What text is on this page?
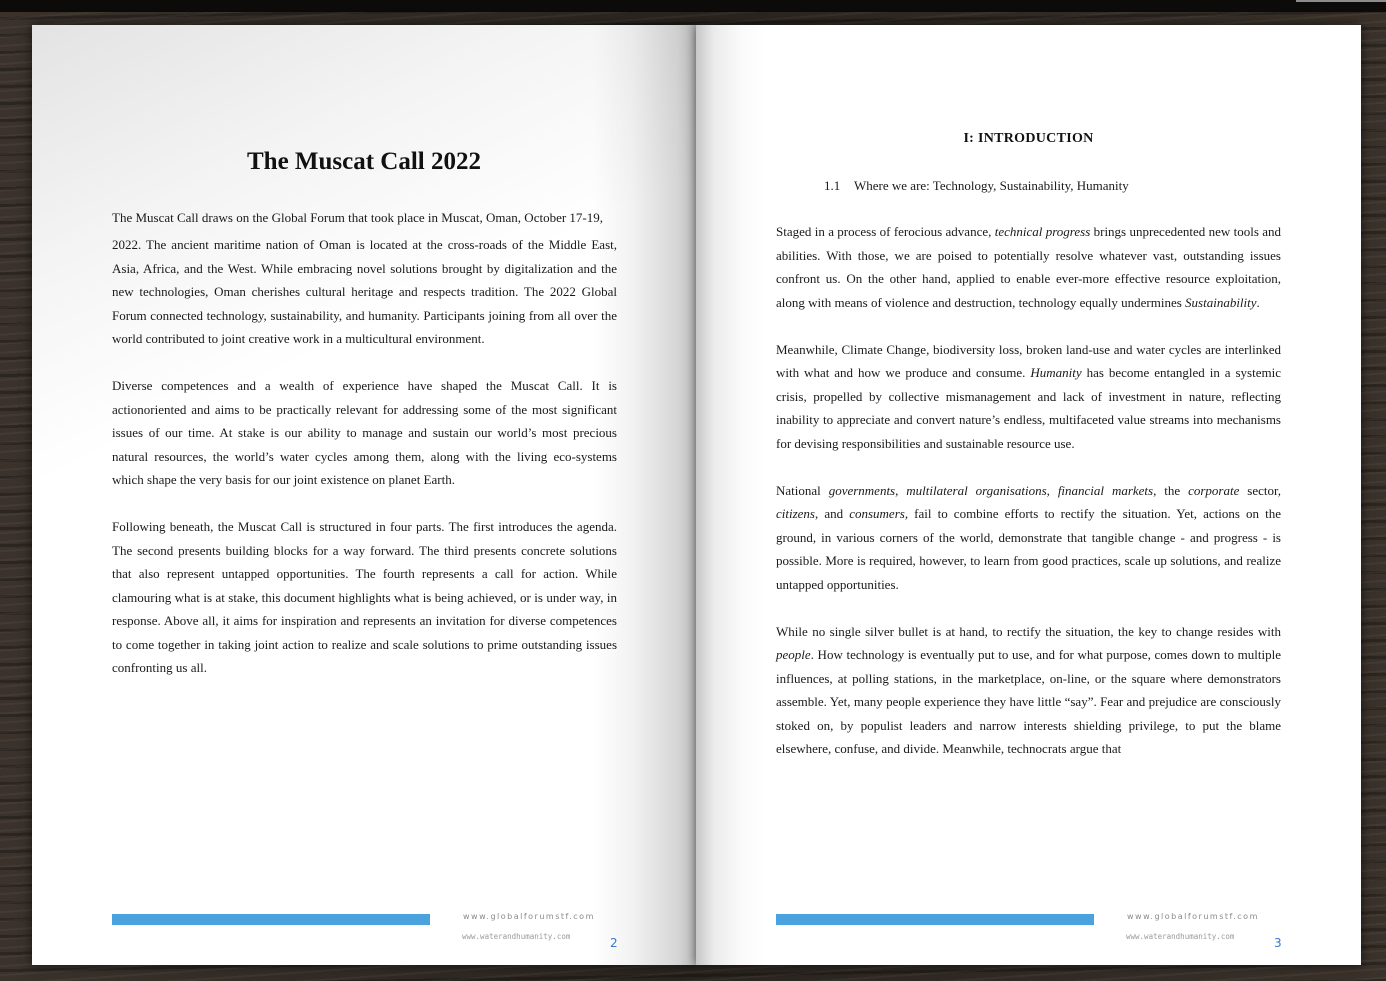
The Muscat Call 2022

The Muscat Call draws on the Global Forum that took place in Muscat, Oman, October 17-19,

2022. The ancient maritime nation of Oman is located at the cross-roads of the Middle East, Asia, Africa, and the West. While embracing novel solutions brought by digitalization and the new technologies, Oman cherishes cultural heritage and respects tradition. The 2022 Global Forum connected technology, sustainability, and humanity. Participants joining from all over the world contributed to joint creative work in a multicultural environment.

Diverse competences and a wealth of experience have shaped the Muscat Call. It is actionoriented and aims to be practically relevant for addressing some of the most significant issues of our time. At stake is our ability to manage and sustain our world’s most precious natural resources, the world’s water cycles among them, along with the living eco-systems which shape the very basis for our joint existence on planet Earth.

Following beneath, the Muscat Call is structured in four parts. The first introduces the agenda. The second presents building blocks for a way forward. The third presents concrete solutions that also represent untapped opportunities. The fourth represents a call for action. While clamouring what is at stake, this document highlights what is being achieved, or is under way, in response. Above all, it aims for inspiration and represents an invitation for diverse competences to come together in taking joint action to realize and scale solutions to prime outstanding issues confronting us all.

www.globalforumstf.com
www.waterandhumanity.com	2
I: INTRODUCTION
1.1 Where we are: Technology, Sustainability, Humanity

Staged in a process of ferocious advance, technical progress brings unprecedented new tools and abilities. With those, we are poised to potentially resolve whatever vast, outstanding issues confront us. On the other hand, applied to enable ever-more effective resource exploitation, along with means of violence and destruction, technology equally undermines Sustainability.

Meanwhile, Climate Change, biodiversity loss, broken land-use and water cycles are interlinked with what and how we produce and consume. Humanity has become entangled in a systemic crisis, propelled by collective mismanagement and lack of investment in nature, reflecting inability to appreciate and convert nature’s endless, multifaceted value streams into mechanisms for devising responsibilities and sustainable resource use.

National governments, multilateral organisations, financial markets, the corporate sector, citizens, and consumers, fail to combine efforts to rectify the situation. Yet, actions on the ground, in various corners of the world, demonstrate that tangible change - and progress - is possible. More is required, however, to learn from good practices, scale up solutions, and realize untapped opportunities.

While no single silver bullet is at hand, to rectify the situation, the key to change resides with people. How technology is eventually put to use, and for what purpose, comes down to multiple influences, at polling stations, in the marketplace, on-line, or the square where demonstrators assemble. Yet, many people experience they have little “say”. Fear and prejudice are consciously stoked on, by populist leaders and narrow interests shielding privilege, to put the blame elsewhere, confuse, and divide. Meanwhile, technocrats argue that

www.globalforumstf.com
www.waterandhumanity.com	3
